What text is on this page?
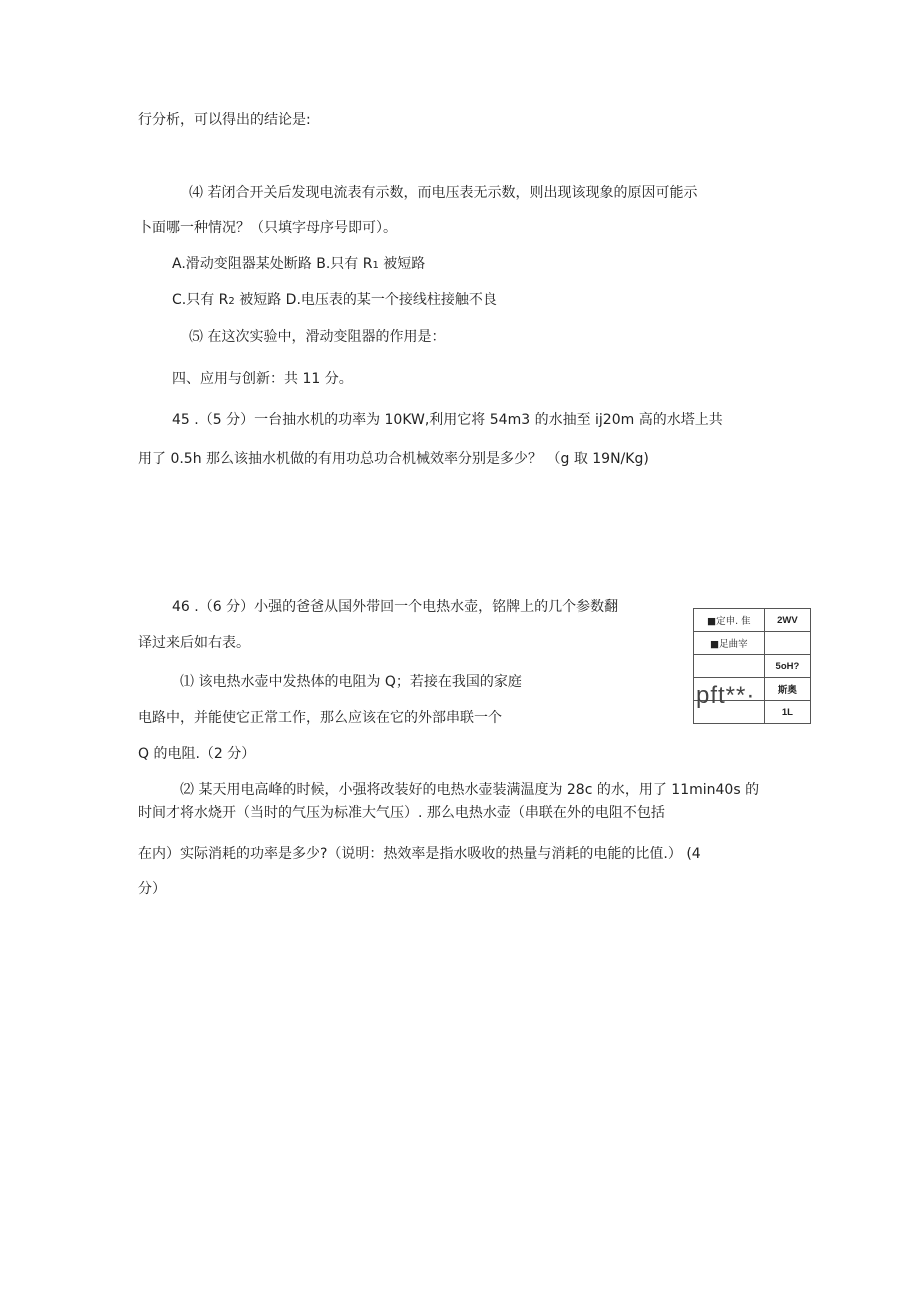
行分析，可以得出的结论是:
⑷ 若闭合开关后发现电流表有示数，而电压表无示数，则出现该现象的原因可能示
卜面哪一种情况？（只填字母序号即可）。
A.滑动变阻器某处断路 B.只有 R1 被短路
C.只有 R2 被短路 D.电压表的某一个接线柱接触不良
⑸ 在这次实验中，滑动变阻器的作用是：
四、应用与创新：共 11 分。
45 .（5 分）一台抽水机的功率为 10KW,利用它将 54m3 的水抽至 ij20m 高的水塔上共
用了 0.5h 那么该抽水机做的有用功总功合机械效率分别是多少？ （g 取 19N/Kg)
46 .（6 分）小强的爸爸从国外带回一个电热水壶，铭牌上的几个参数翻
译过来后如右表。
⑴ 该电热水壶中发热体的电阻为 Q；若接在我国的家庭
电路中，并能使它正常工作，那么应该在它的外部串联一个
Q 的电阻.（2 分）
⑵ 某天用电高峰的时候，小强将改装好的电热水壶装满温度为 28c 的水，用了 11min40s 的
时间才将水烧开（当时的气压为标准大气压）. 那么电热水壶（串联在外的电阻不包括
在内）实际消耗的功率是多少?（说明：热效率是指水吸收的热量与消耗的电能的比值.） (4
分）
■定申. 隹	2WV
■足曲宰	
	5oH?
	斯奥
	1L
pft**·
